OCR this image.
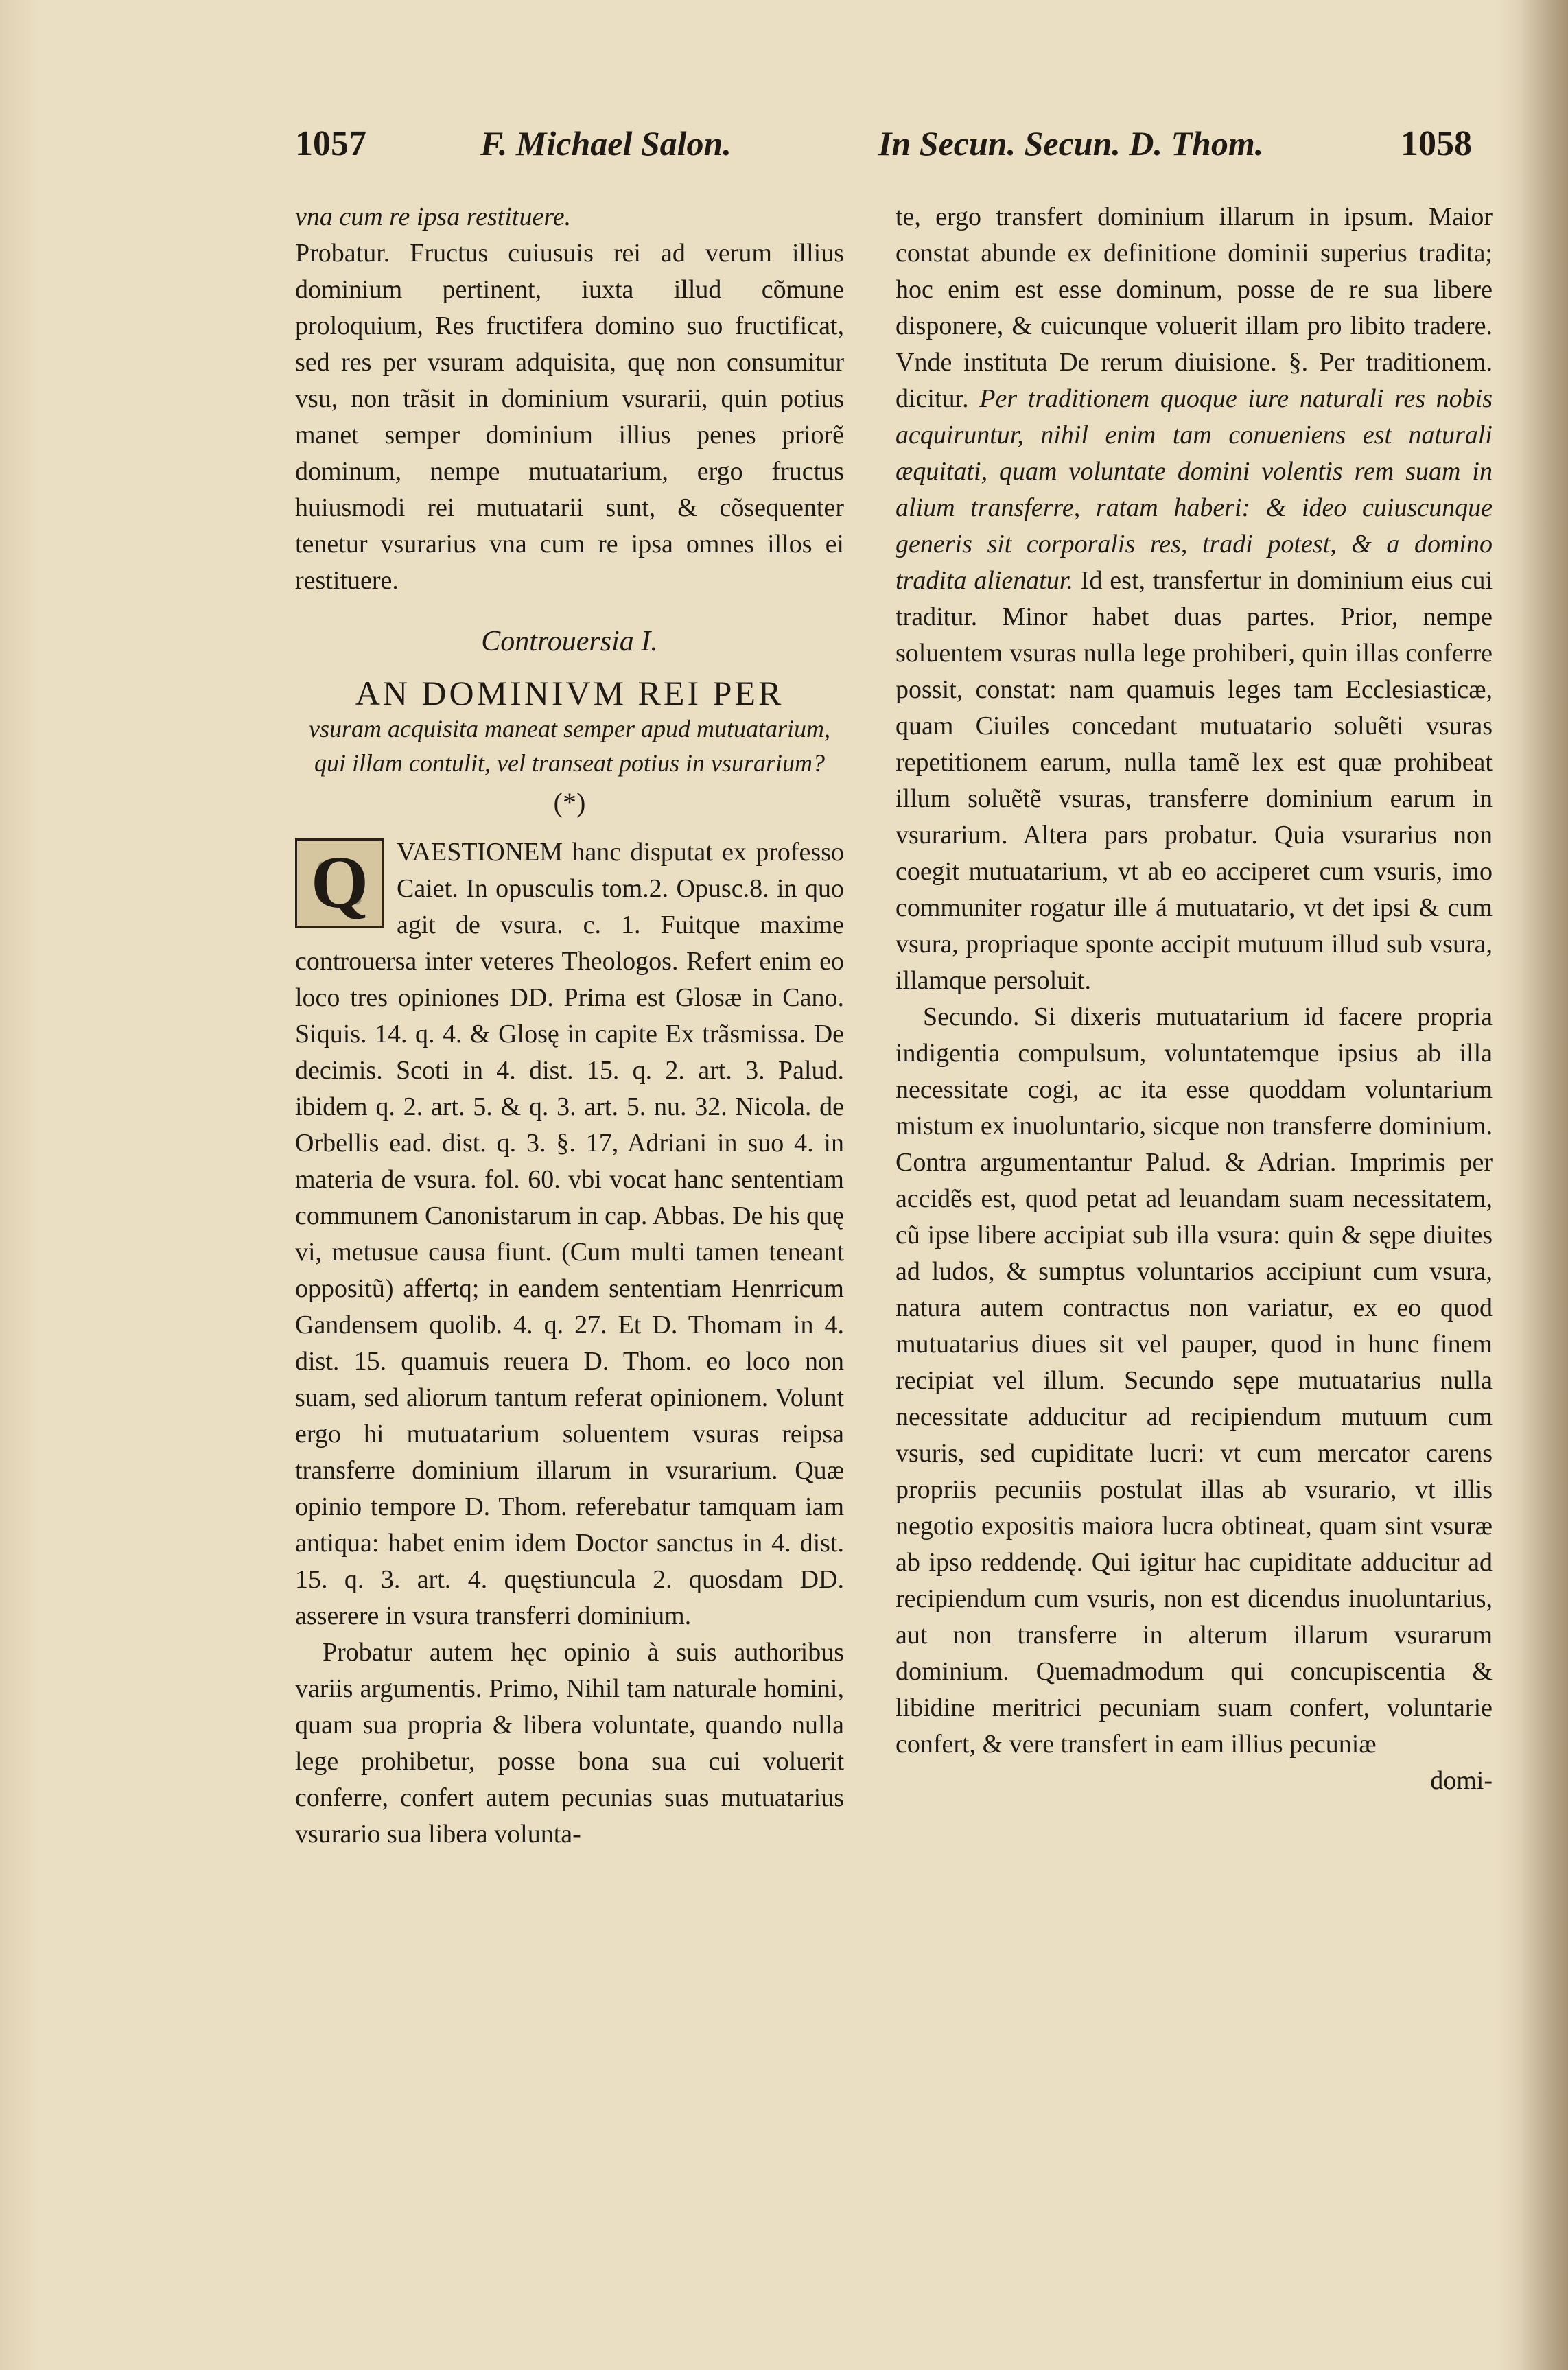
1057	F. Michael Salon.	In Secun. Secun. D. Thom.	1058

vna cum re ipsa restituere.

Probatur. Fructus cuiusuis rei ad verum illius dominium pertinent, iuxta illud cõmune proloquium, Res fructifera domino suo fructificat, sed res per vsuram adquisita, quę non consumitur vsu, non trãsit in dominium vsurarii, quin potius manet semper dominium illius penes priorẽ dominum, nempe mutuatarium, ergo fructus huiusmodi rei mutuatarii sunt, & cõsequenter tenetur vsurarius vna cum re ipsa omnes illos ei restituere.

Controuersia I.

AN DOMINIVM REI PER

vsuram acquisita maneat semper apud mutuatarium, qui illam contulit, vel transeat potius in vsurarium?

(*)

Q	VAESTIONEM hanc disputat ex professo Caiet. In opusculis tom.2. Opusc.8. in quo agit de vsura. c. 1. Fuitque maxime controuersa inter veteres Theologos. Refert enim eo loco tres opiniones DD. Prima est Glosæ in Cano. Siquis. 14. q. 4. & Glosę in capite Ex trãsmissa. De decimis. Scoti in 4. dist. 15. q. 2. art. 3. Palud. ibidem q. 2. art. 5. & q. 3. art. 5. nu. 32. Nicola. de Orbellis ead. dist. q. 3. §. 17, Adriani in suo 4. in materia de vsura. fol. 60. vbi vocat hanc sententiam communem Canonistarum in cap. Abbas. De his quę vi, metusue causa fiunt. (Cum multi tamen teneant oppositũ) affertq; in eandem sententiam Henrricum Gandensem quolib. 4. q. 27. Et D. Thomam in 4. dist. 15. quamuis reuera D. Thom. eo loco non suam, sed aliorum tantum referat opinionem. Volunt ergo hi mutuatarium soluentem vsuras reipsa transferre dominium illarum in vsurarium. Quæ opinio tempore D. Thom. referebatur tamquam iam antiqua: habet enim idem Doctor sanctus in 4. dist. 15. q. 3. art. 4. quęstiuncula 2. quosdam DD. asserere in vsura transferri dominium.

Probatur autem hęc opinio à suis authoribus variis argumentis. Primo, Nihil tam naturale homini, quam sua propria & libera voluntate, quando nulla lege prohibetur, posse bona sua cui voluerit conferre, confert autem pecunias suas mutuatarius vsurario sua libera volunta-

te, ergo transfert dominium illarum in ipsum. Maior constat abunde ex definitione dominii superius tradita; hoc enim est esse dominum, posse de re sua libere disponere, & cuicunque voluerit illam pro libito tradere. Vnde instituta De rerum diuisione. §. Per traditionem. dicitur. Per traditionem quoque iure naturali res nobis acquiruntur, nihil enim tam conueniens est naturali æquitati, quam voluntate domini volentis rem suam in alium transferre, ratam haberi: & ideo cuiuscunque generis sit corporalis res, tradi potest, & a domino tradita alienatur. Id est, transfertur in dominium eius cui traditur. Minor habet duas partes. Prior, nempe soluentem vsuras nulla lege prohiberi, quin illas conferre possit, constat: nam quamuis leges tam Ecclesiasticæ, quam Ciuiles concedant mutuatario soluẽti vsuras repetitionem earum, nulla tamẽ lex est quæ prohibeat illum soluẽtẽ vsuras, transferre dominium earum in vsurarium. Altera pars probatur. Quia vsurarius non coegit mutuatarium, vt ab eo acciperet cum vsuris, imo communiter rogatur ille á mutuatario, vt det ipsi & cum vsura, propriaque sponte accipit mutuum illud sub vsura, illamque persoluit.

Secundo. Si dixeris mutuatarium id facere propria indigentia compulsum, voluntatemque ipsius ab illa necessitate cogi, ac ita esse quoddam voluntarium mistum ex inuoluntario, sicque non transferre dominium. Contra argumentantur Palud. & Adrian. Imprimis per accidẽs est, quod petat ad leuandam suam necessitatem, cũ ipse libere accipiat sub illa vsura: quin & sępe diuites ad ludos, & sumptus voluntarios accipiunt cum vsura, natura autem contractus non variatur, ex eo quod mutuatarius diues sit vel pauper, quod in hunc finem recipiat vel illum. Secundo sępe mutuatarius nulla necessitate adducitur ad recipiendum mutuum cum vsuris, sed cupiditate lucri: vt cum mercator carens propriis pecuniis postulat illas ab vsurario, vt illis negotio expositis maiora lucra obtineat, quam sint vsuræ ab ipso reddendę. Qui igitur hac cupiditate adducitur ad recipiendum cum vsuris, non est dicendus inuoluntarius, aut non transferre in alterum illarum vsurarum dominium. Quemadmodum qui concupiscentia & libidine meritrici pecuniam suam confert, voluntarie confert, & vere transfert in eam illius pecuniæ

domi-
